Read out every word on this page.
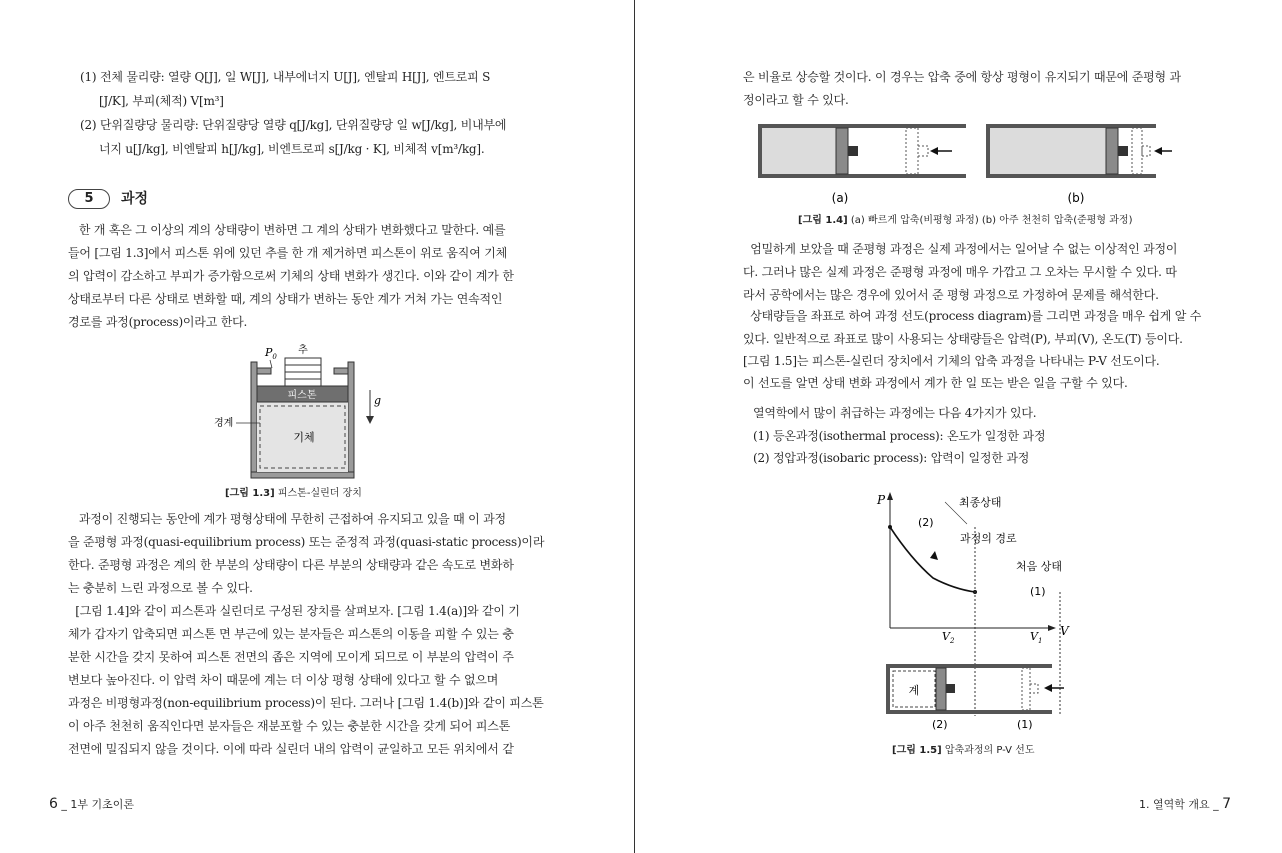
(1) 전체 물리량: 열량 Q[J], 일 W[J], 내부에너지 U[J], 엔탈피 H[J], 엔트로피 S
[J/K], 부피(체적) V[m³]
(2) 단위질량당 물리량: 단위질량당 열량 q[J/kg], 단위질량당 일 w[J/kg], 비내부에
너지 u[J/kg], 비엔탈피 h[J/kg], 비엔트로피 s[J/kg · K], 비체적 v[m³/kg].
5	과정
한 개 혹은 그 이상의 계의 상태량이 변하면 그 계의 상태가 변화했다고 말한다. 예를
들어 [그림 1.3]에서 피스톤 위에 있던 추를 한 개 제거하면 피스톤이 위로 움직여 기체
의 압력이 감소하고 부피가 증가함으로써 기체의 상태 변화가 생긴다. 이와 같이 계가 한
상태로부터 다른 상태로 변화할 때, 계의 상태가 변하는 동안 계가 거쳐 가는 연속적인
경로를 과정(process)이라고 한다.
피스톤
추
$P_0$
g
경계
기체
[그림 1.3] 피스톤-실린더 장치
과정이 진행되는 동안에 계가 평형상태에 무한히 근접하여 유지되고 있을 때 이 과정
을 준평형 과정(quasi-equilibrium process) 또는 준정적 과정(quasi-static process)이라
한다. 준평형 과정은 계의 한 부분의 상태량이 다른 부분의 상태량과 같은 속도로 변화하
는 충분히 느린 과정으로 볼 수 있다.
[그림 1.4]와 같이 피스톤과 실린더로 구성된 장치를 살펴보자. [그림 1.4(a)]와 같이 기
체가 갑자기 압축되면 피스톤 면 부근에 있는 분자들은 피스톤의 이동을 피할 수 있는 충
분한 시간을 갖지 못하여 피스톤 전면의 좁은 지역에 모이게 되므로 이 부분의 압력이 주
변보다 높아진다. 이 압력 차이 때문에 계는 더 이상 평형 상태에 있다고 할 수 없으며
과정은 비평형과정(non-equilibrium process)이 된다. 그러나 [그림 1.4(b)]와 같이 피스톤
이 아주 천천히 움직인다면 분자들은 재분포할 수 있는 충분한 시간을 갖게 되어 피스톤
전면에 밀집되지 않을 것이다. 이에 따라 실린더 내의 압력이 균일하고 모든 위치에서 같
6 _ 1부 기초이론
은 비율로 상승할 것이다. 이 경우는 압축 중에 항상 평형이 유지되기 때문에 준평형 과
정이라고 할 수 있다.
(a)	(b)
[그림 1.4] (a) 빠르게 압축(비평형 과정) (b) 아주 천천히 압축(준평형 과정)
엄밀하게 보았을 때 준평형 과정은 실제 과정에서는 일어날 수 없는 이상적인 과정이
다. 그러나 많은 실제 과정은 준평형 과정에 매우 가깝고 그 오차는 무시할 수 있다. 따
라서 공학에서는 많은 경우에 있어서 준 평형 과정으로 가정하여 문제를 해석한다.
상태량들을 좌표로 하여 과정 선도(process diagram)를 그리면 과정을 매우 쉽게 알 수
있다. 일반적으로 좌표로 많이 사용되는 상태량들은 압력(P), 부피(V), 온도(T) 등이다.
[그림 1.5]는 피스톤-실린더 장치에서 기체의 압축 과정을 나타내는 P-V 선도이다.
이 선도를 알면 상태 변화 과정에서 계가 한 일 또는 받은 일을 구할 수 있다.
열역학에서 많이 취급하는 과정에는 다음 4가지가 있다.
(1) 등온과정(isothermal process): 온도가 일정한 과정
(2) 정압과정(isobaric process): 압력이 일정한 과정
P
V
최종상태
과정의 경로
처음 상태
(2)
(1)
$V_2$	$V_1$
계
(2)	(1)
[그림 1.5] 압축과정의 P-V 선도
1. 열역학 개요 _ 7
